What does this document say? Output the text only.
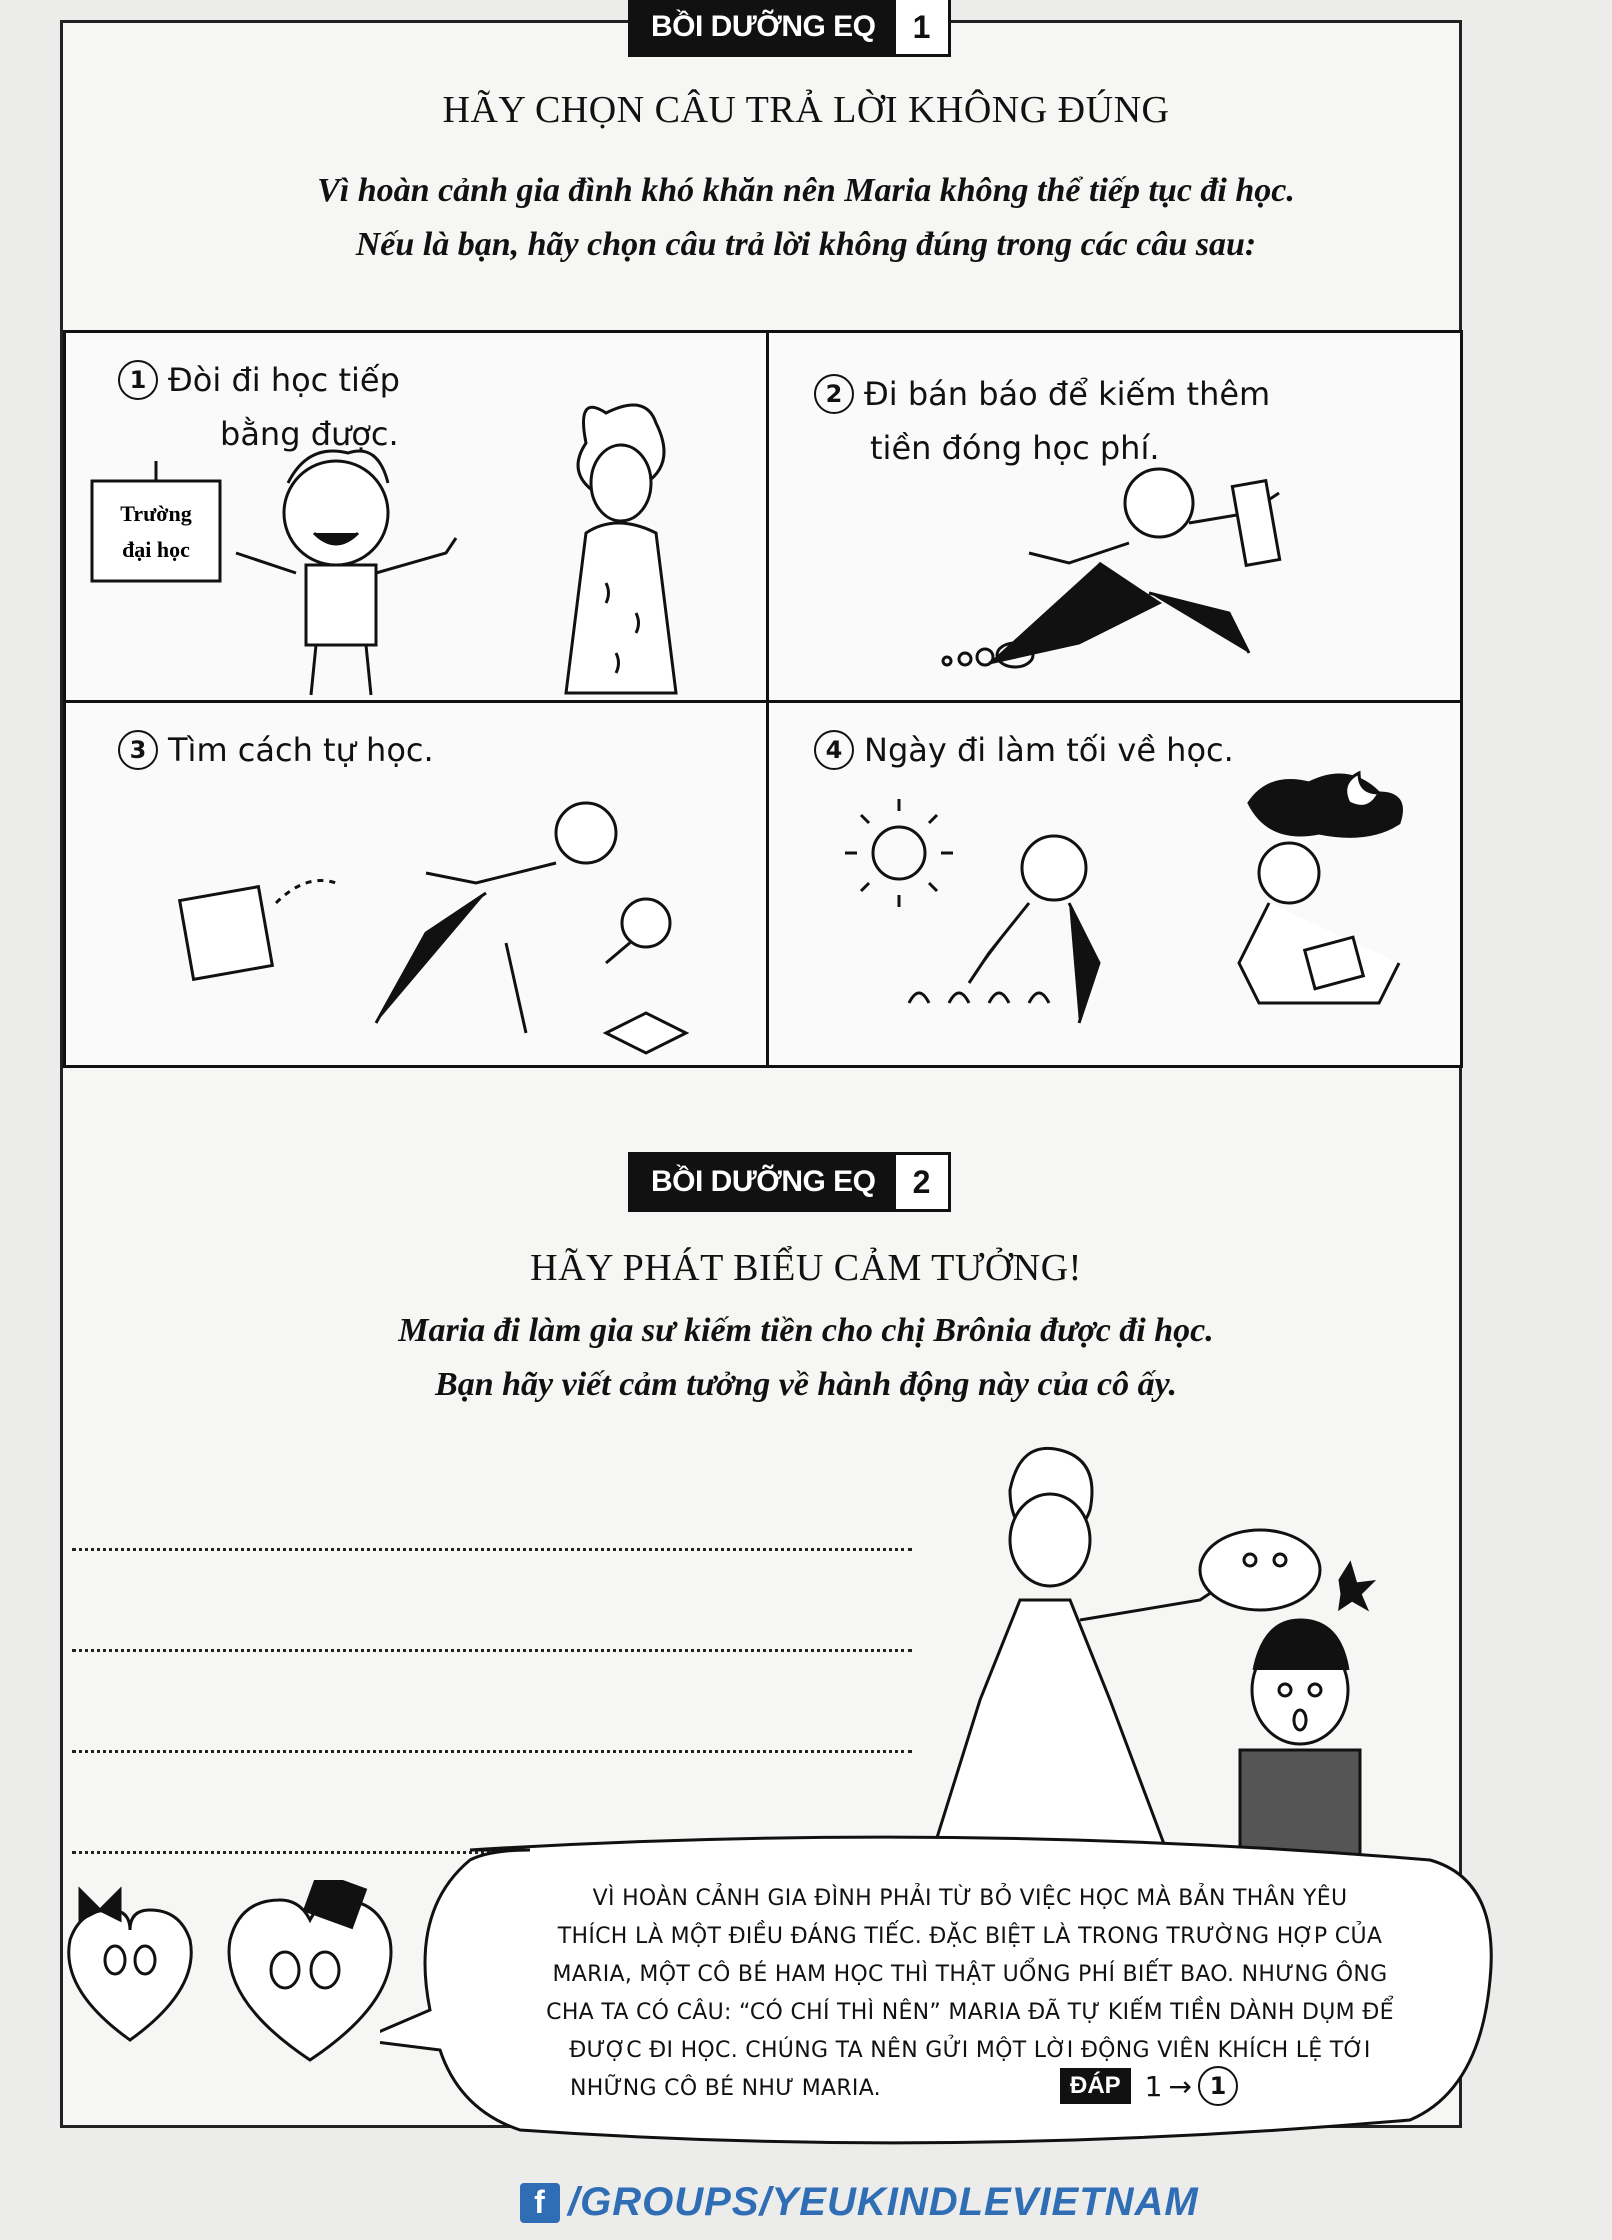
BỒI DƯỠNG EQ	1
HÃY CHỌN CÂU TRẢ LỜI KHÔNG ĐÚNG
Vì hoàn cảnh gia đình khó khăn nên Maria không thể tiếp tục đi học.
Nếu là bạn, hãy chọn câu trả lời không đúng trong các câu sau:
1 Đòi đi học tiếp
bằng được.
Trường
đại học
2 Đi bán báo để kiếm thêm
tiền đóng học phí.
3 Tìm cách tự học.	4 Ngày đi làm tối về học.
BỒI DƯỠNG EQ	2
HÃY PHÁT BIỂU CẢM TƯỞNG!
Maria đi làm gia sư kiếm tiền cho chị Brônia được đi học.
Bạn hãy viết cảm tưởng về hành động này của cô ấy.
VÌ HOÀN CẢNH GIA ĐÌNH PHẢI TỪ BỎ VIỆC HỌC MÀ BẢN THÂN YÊU
THÍCH LÀ MỘT ĐIỀU ĐÁNG TIẾC. ĐẶC BIỆT LÀ TRONG TRƯỜNG HỢP CỦA
MARIA, MỘT CÔ BÉ HAM HỌC THÌ THẬT UỔNG PHÍ BIẾT BAO. NHƯNG ÔNG
CHA TA CÓ CÂU: “CÓ CHÍ THÌ NÊN” MARIA ĐÃ TỰ KIẾM TIỀN DÀNH DỤM ĐỂ
ĐƯỢC ĐI HỌC. CHÚNG TA NÊN GỬI MỘT LỜI ĐỘNG VIÊN KHÍCH LỆ TỚI
NHỮNG CÔ BÉ NHƯ MARIA.	ĐÁP 1 → 1
f /GROUPS/YEUKINDLEVIETNAM
